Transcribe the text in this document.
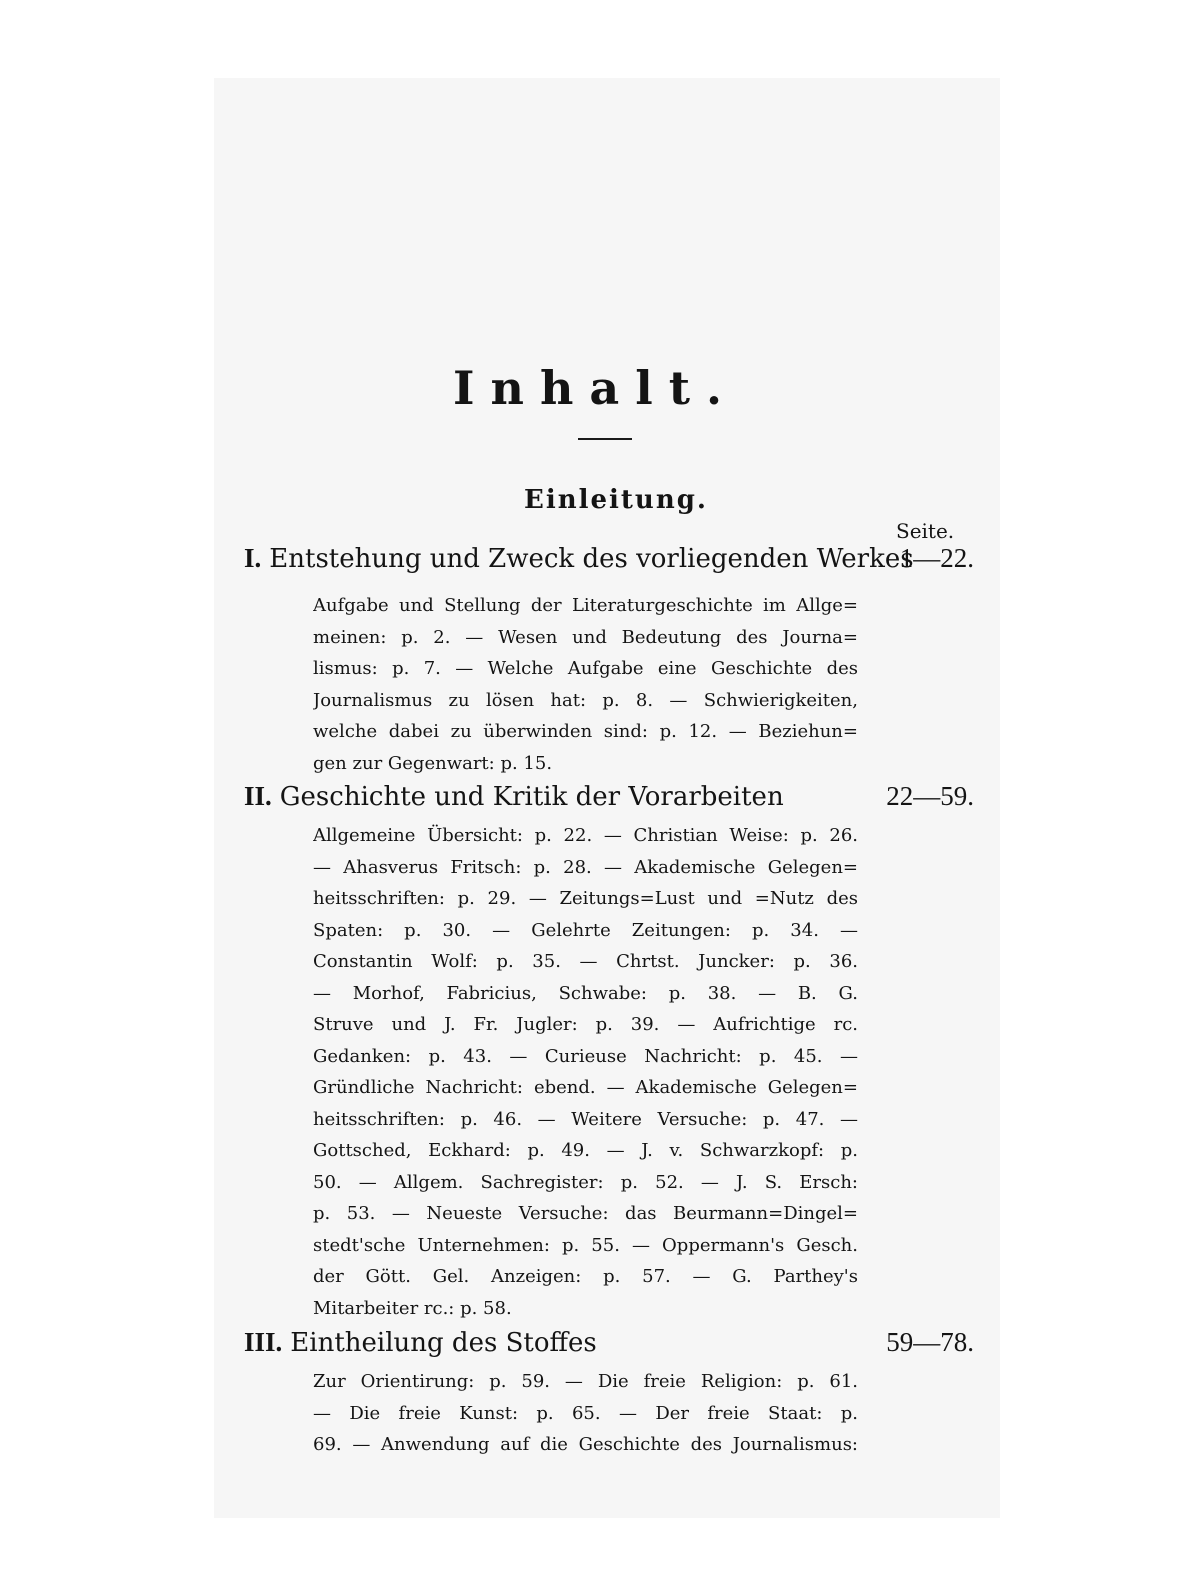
Inhalt.
Einleitung.
Seite.
I. Entstehung und Zweck des vorliegenden Werkes
1—22.
Aufgabe und Stellung der Literaturgeschichte im Allge=
meinen: p. 2. — Wesen und Bedeutung des Journa=
lismus: p. 7. — Welche Aufgabe eine Geschichte des
Journalismus zu lösen hat: p. 8. — Schwierigkeiten,
welche dabei zu überwinden sind: p. 12. — Beziehun=
gen zur Gegenwart: p. 15.
II. Geschichte und Kritik der Vorarbeiten	22—59.
Allgemeine Übersicht: p. 22. — Christian Weise: p. 26.
— Ahasverus Fritsch: p. 28. — Akademische Gelegen=
heitsschriften: p. 29. — Zeitungs=Lust und =Nutz des
Spaten: p. 30. — Gelehrte Zeitungen: p. 34. —
Constantin Wolf: p. 35. — Chrtst. Juncker: p. 36.
— Morhof, Fabricius, Schwabe: p. 38. — B. G.
Struve und J. Fr. Jugler: p. 39. — Aufrichtige rc.
Gedanken: p. 43. — Curieuse Nachricht: p. 45. —
Gründliche Nachricht: ebend. — Akademische Gelegen=
heitsschriften: p. 46. — Weitere Versuche: p. 47. —
Gottsched, Eckhard: p. 49. — J. v. Schwarzkopf: p.
50. — Allgem. Sachregister: p. 52. — J. S. Ersch:
p. 53. — Neueste Versuche: das Beurmann=Dingel=
stedt'sche Unternehmen: p. 55. — Oppermann's Gesch.
der Gött. Gel. Anzeigen: p. 57. — G. Parthey's
Mitarbeiter rc.: p. 58.
III. Eintheilung des Stoffes	59—78.
Zur Orientirung: p. 59. — Die freie Religion: p. 61.
— Die freie Kunst: p. 65. — Der freie Staat: p.
69. — Anwendung auf die Geschichte des Journalismus:
